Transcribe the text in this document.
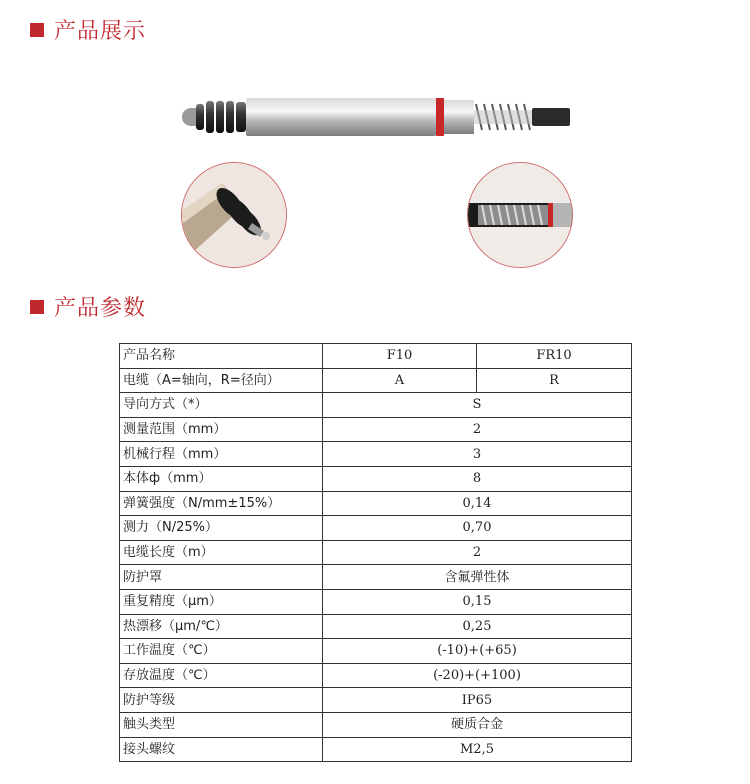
产品展示
产品参数
产品名称	F10	FR10
电缆（A=轴向，R=径向）	A	R
导向方式（*）	S	
测量范围（mm）	2	
机械行程（mm）	3	
本体ф（mm）	8	
弹簧强度（N/mm±15%）	0,14	
测力（N/25%）	0,70	
电缆长度（m）	2	
防护罩	含氟弹性体	
重复精度（μm）	0,15	
热漂移（μm/℃）	0,25	
工作温度（℃）	(-10)+(+65)	
存放温度（℃）	(-20)+(+100)	
防护等级	IP65	
触头类型	硬质合金	
接头螺纹	M2,5	
